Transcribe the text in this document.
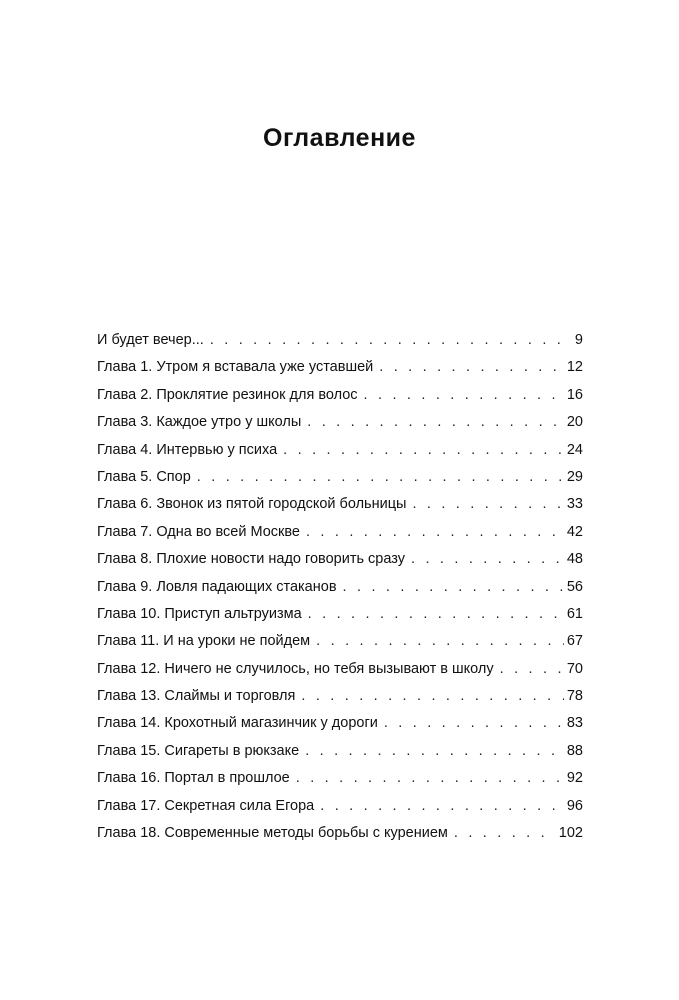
Оглавление
И будет вечер... . . .	9
Глава 1. Утром я вставала уже уставшей . . .	12
Глава 2. Проклятие резинок для волос . . .	16
Глава 3. Каждое утро у школы . . .	20
Глава 4. Интервью у психа . . .	24
Глава 5. Спор . . .	29
Глава 6. Звонок из пятой городской больницы . . .	33
Глава 7. Одна во всей Москве . . .	42
Глава 8. Плохие новости надо говорить сразу . . .	48
Глава 9. Ловля падающих стаканов . . .	56
Глава 10. Приступ альтруизма . . .	61
Глава 11. И на уроки не пойдем . . .	67
Глава 12. Ничего не случилось, но тебя вызывают в школу . . .	70
Глава 13. Слаймы и торговля . . .	78
Глава 14. Крохотный магазинчик у дороги . . .	83
Глава 15. Сигареты в рюкзаке . . .	88
Глава 16. Портал в прошлое . . .	92
Глава 17. Секретная сила Егора . . .	96
Глава 18. Современные методы борьбы с курением . . .	102
